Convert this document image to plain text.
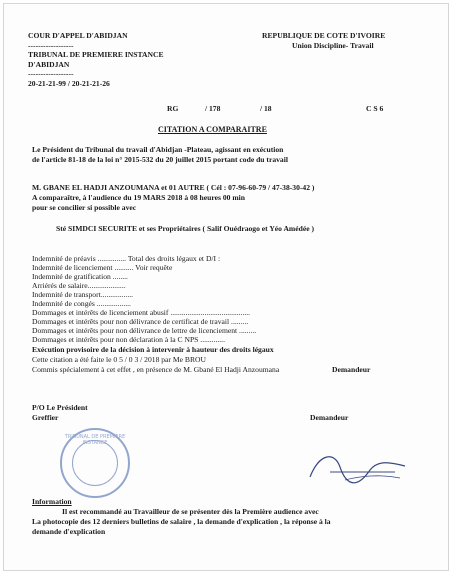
COUR D'APPEL D'ABIDJAN
------------------
TRIBUNAL DE PREMIERE INSTANCE
D'ABIDJAN
------------------
20-21-21-99 / 20-21-21-26
REPUBLIQUE DE COTE D'IVOIRE
Union Discipline- Travail
RG	/ 178	/ 18	C S 6
CITATION A COMPARAITRE
Le Président du Tribunal du travail d'Abidjan -Plateau, agissant en exécution
de l'article 81-18 de la loi n° 2015-532 du 20 juillet 2015 portant code du travail
M. GBANE EL HADJI ANZOUMANA et 01 AUTRE ( Cél : 07-96-60-79 / 47-38-30-42 )
A comparaître, à l'audience du 19 MARS 2018 à 08 heures 00 min
pour se concilier si possible avec
Sté SIMDCI SECURITE et ses Propriétaires ( Salif Ouédraogo et Yéo Amédée )
Indemnité de préavis ............... Total des droits légaux et D/I :
Indemnité de licenciement .......... Voir requête
Indemnité de gratification ........
Arriérés de salaire....................
Indemnité de transport.................
Indemnité de congés ..................
Dommages et intérêts de licenciement abusif ..........................................
Dommages et intérêts pour non délivrance de certificat de travail .........
Dommages et intérêts pour non délivrance de lettre de licenciement .........
Dommages et intérêts pour non déclaration à la C NPS .............
Exécution provisoire de la décision à intervenir à hauteur des droits légaux
Cette citation a été faite le 0 5 / 0 3 / 2018 par Me BROU
Commis spécialement à cet effet , en présence de M. Gbané El Hadji Anzoumana	Demandeur
P/O Le Président
Greffier	Demandeur
TRIBUNAL DE PREMIERE INSTANCE
Information
Il est recommandé au Travailleur de se présenter dès la Première audience avec
La photocopie des 12 derniers bulletins de salaire , la demande d'explication , la réponse à la
demande d'explication
